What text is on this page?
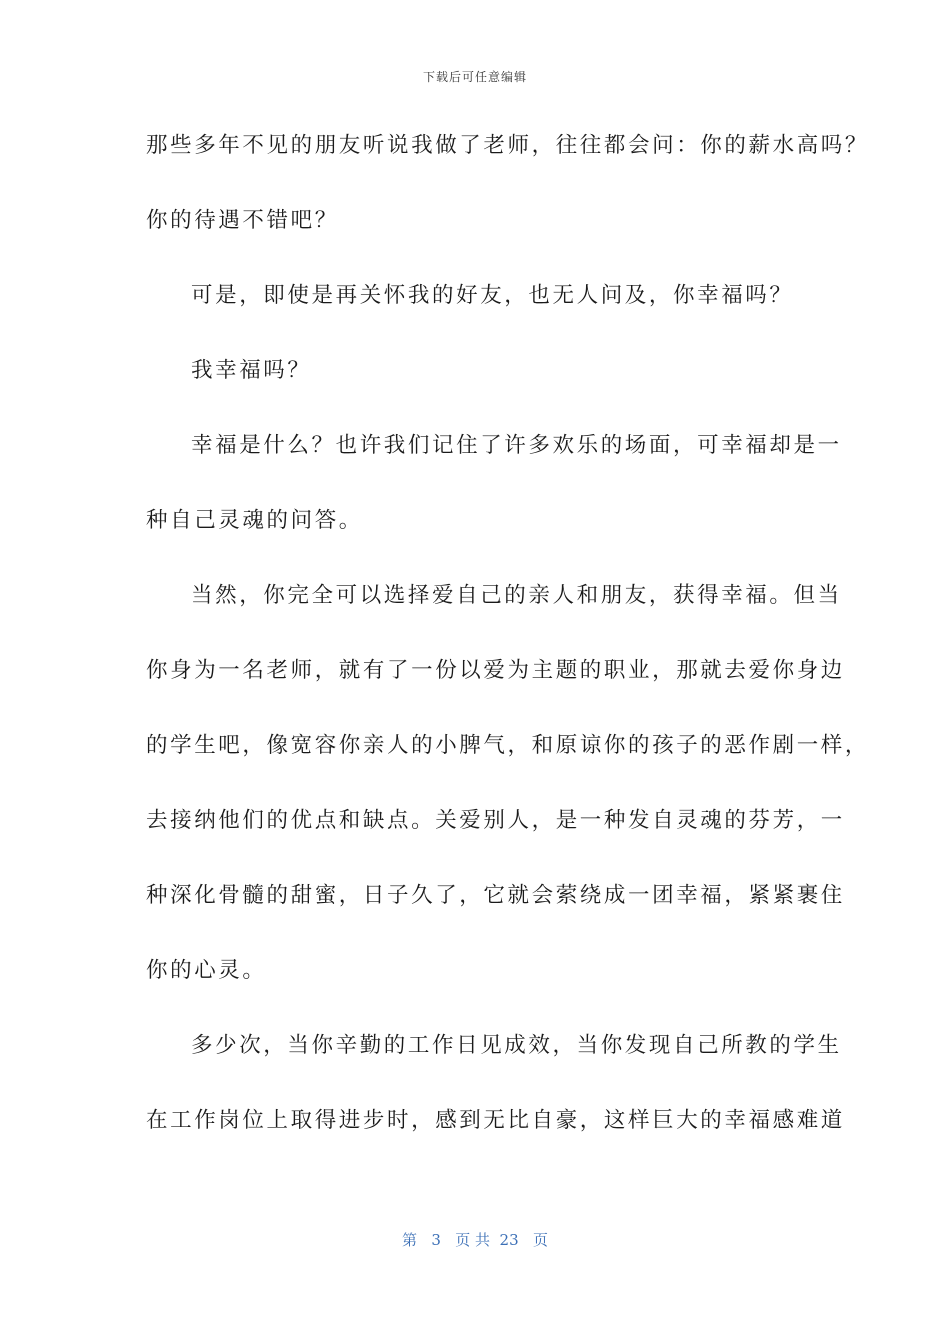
下载后可任意编辑
那些多年不见的朋友听说我做了老师，往往都会问：你的薪水高吗？
你的待遇不错吧？
可是，即使是再关怀我的好友，也无人问及，你幸福吗？
我幸福吗？
幸福是什么？也许我们记住了许多欢乐的场面，可幸福却是一
种自己灵魂的问答。
当然，你完全可以选择爱自己的亲人和朋友，获得幸福。但当
你身为一名老师，就有了一份以爱为主题的职业，那就去爱你身边
的学生吧，像宽容你亲人的小脾气，和原谅你的孩子的恶作剧一样，
去接纳他们的优点和缺点。关爱别人，是一种发自灵魂的芬芳，一
种深化骨髓的甜蜜，日子久了，它就会萦绕成一团幸福，紧紧裹住
你的心灵。
多少次，当你辛勤的工作日见成效，当你发现自己所教的学生
在工作岗位上取得进步时，感到无比自豪，这样巨大的幸福感难道
第 3 页 共 23 页
